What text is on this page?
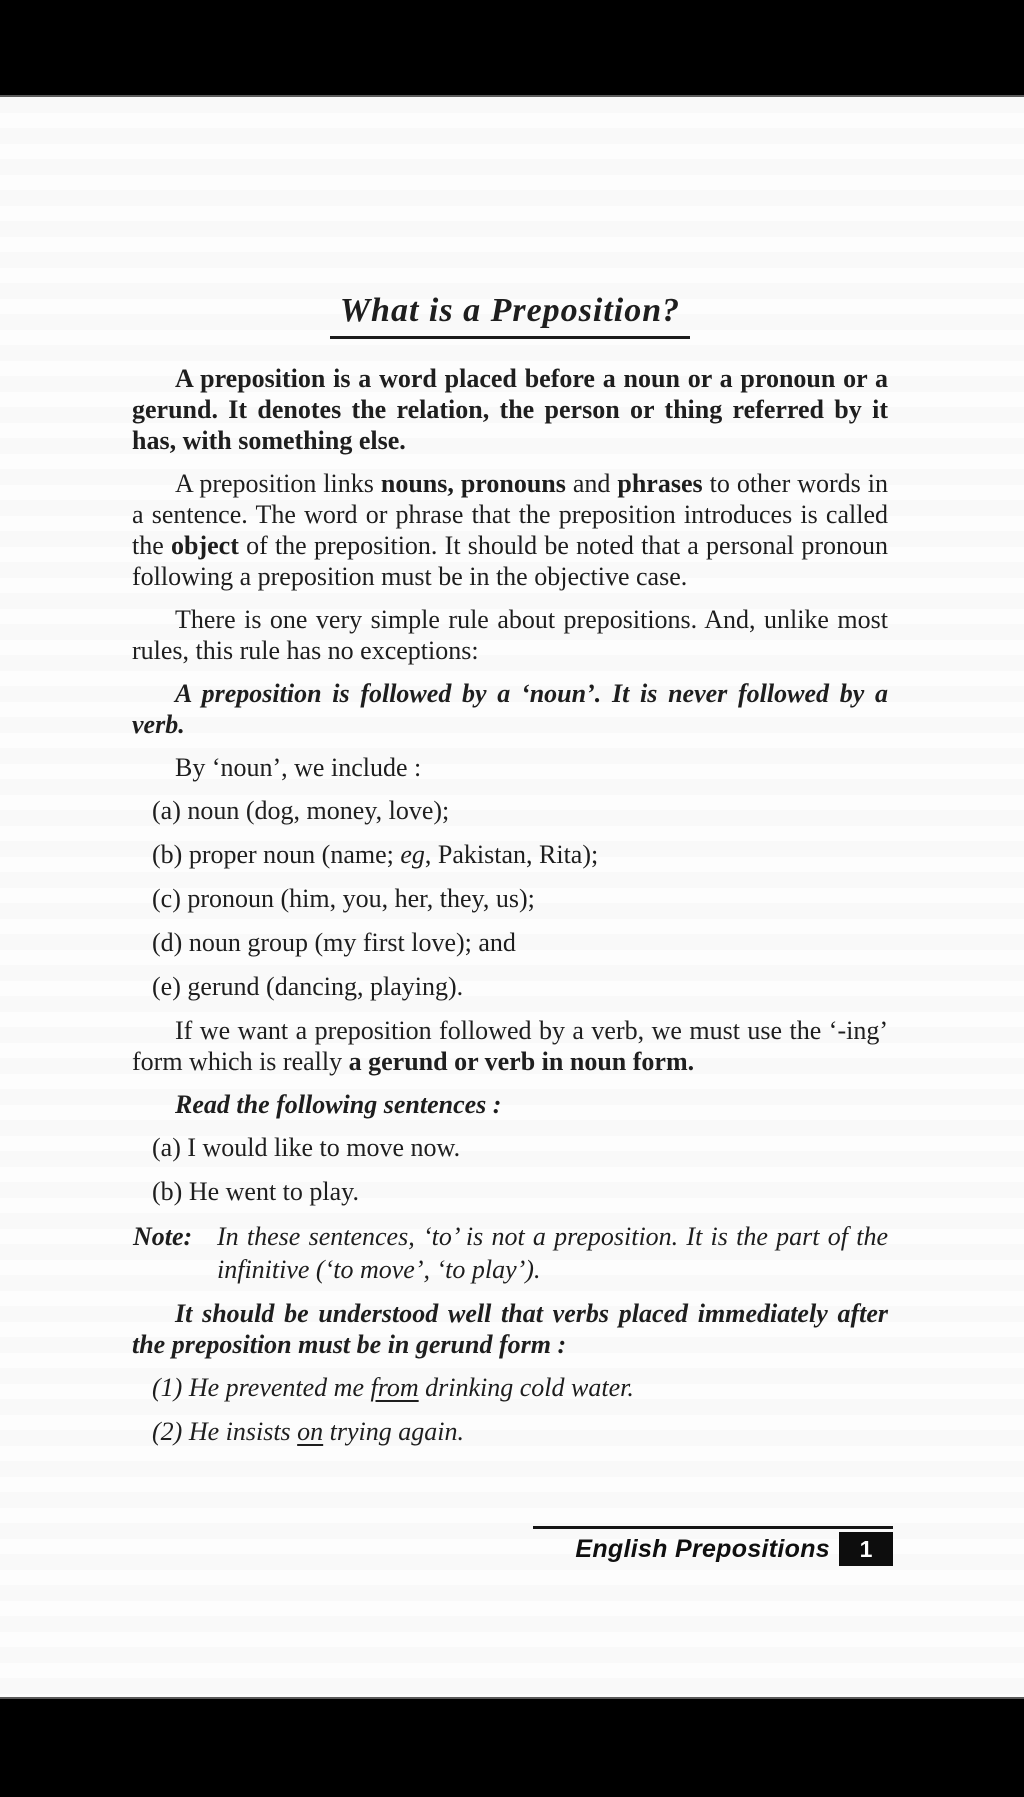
What is a Preposition?

A preposition is a word placed before a noun or a pronoun or a gerund. It denotes the relation, the person or thing referred by it has, with something else.

A preposition links nouns, pronouns and phrases to other words in a sentence. The word or phrase that the preposition introduces is called the object of the preposition. It should be noted that a personal pronoun following a preposition must be in the objective case.

There is one very simple rule about prepositions. And, unlike most rules, this rule has no exceptions:

A preposition is followed by a ‘noun’. It is never followed by a verb.

By ‘noun’, we include :

(a) noun (dog, money, love);

(b) proper noun (name; eg, Pakistan, Rita);

(c) pronoun (him, you, her, they, us);

(d) noun group (my first love); and

(e) gerund (dancing, playing).

If we want a preposition followed by a verb, we must use the ‘-ing’ form which is really a gerund or verb in noun form.

Read the following sentences :

(a) I would like to move now.

(b) He went to play.

Note: In these sentences, ‘to’ is not a preposition. It is the part of the infinitive (‘to move’, ‘to play’).

It should be understood well that verbs placed immediately after the preposition must be in gerund form :

(1) He prevented me from drinking cold water.

(2) He insists on trying again.

English Prepositions	1
